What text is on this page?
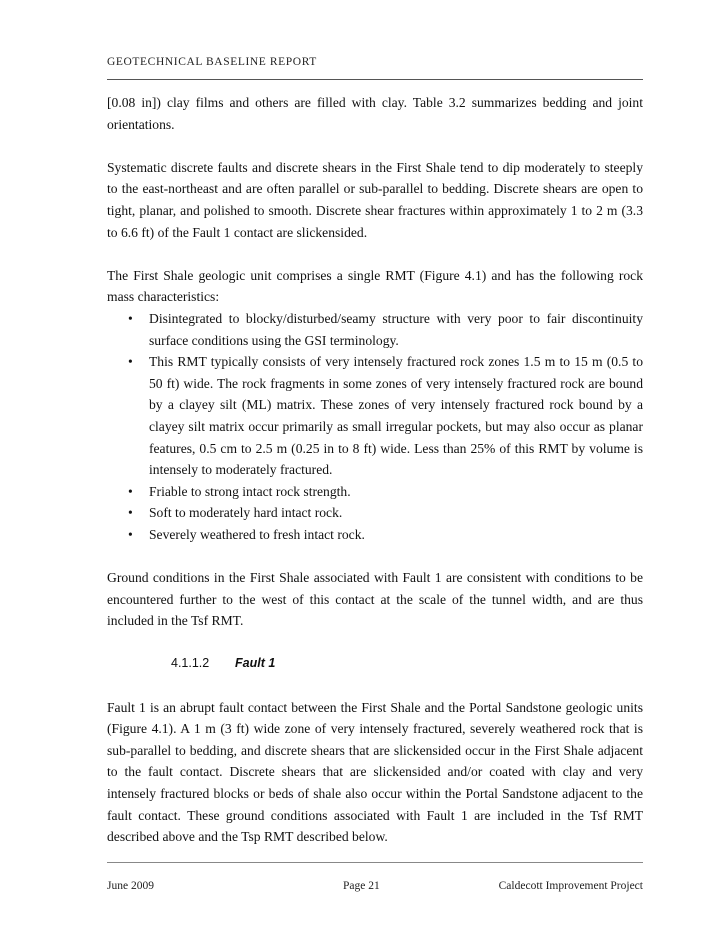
GEOTECHNICAL BASELINE REPORT

[0.08 in]) clay films and others are filled with clay. Table 3.2 summarizes bedding and joint orientations.

Systematic discrete faults and discrete shears in the First Shale tend to dip moderately to steeply to the east-northeast and are often parallel or sub-parallel to bedding. Discrete shears are open to tight, planar, and polished to smooth. Discrete shear fractures within approximately 1 to 2 m (3.3 to 6.6 ft) of the Fault 1 contact are slickensided.

The First Shale geologic unit comprises a single RMT (Figure 4.1) and has the following rock mass characteristics:

• Disintegrated to blocky/disturbed/seamy structure with very poor to fair discontinuity surface conditions using the GSI terminology.
• This RMT typically consists of very intensely fractured rock zones 1.5 m to 15 m (0.5 to 50 ft) wide. The rock fragments in some zones of very intensely fractured rock are bound by a clayey silt (ML) matrix. These zones of very intensely fractured rock bound by a clayey silt matrix occur primarily as small irregular pockets, but may also occur as planar features, 0.5 cm to 2.5 m (0.25 in to 8 ft) wide. Less than 25% of this RMT by volume is intensely to moderately fractured.
• Friable to strong intact rock strength.
• Soft to moderately hard intact rock.
• Severely weathered to fresh intact rock.

Ground conditions in the First Shale associated with Fault 1 are consistent with conditions to be encountered further to the west of this contact at the scale of the tunnel width, and are thus included in the Tsf RMT.

4.1.1.2 Fault 1

Fault 1 is an abrupt fault contact between the First Shale and the Portal Sandstone geologic units (Figure 4.1). A 1 m (3 ft) wide zone of very intensely fractured, severely weathered rock that is sub-parallel to bedding, and discrete shears that are slickensided occur in the First Shale adjacent to the fault contact. Discrete shears that are slickensided and/or coated with clay and very intensely fractured blocks or beds of shale also occur within the Portal Sandstone adjacent to the fault contact. These ground conditions associated with Fault 1 are included in the Tsf RMT described above and the Tsp RMT described below.

June 2009	Page 21	Caldecott Improvement Project
